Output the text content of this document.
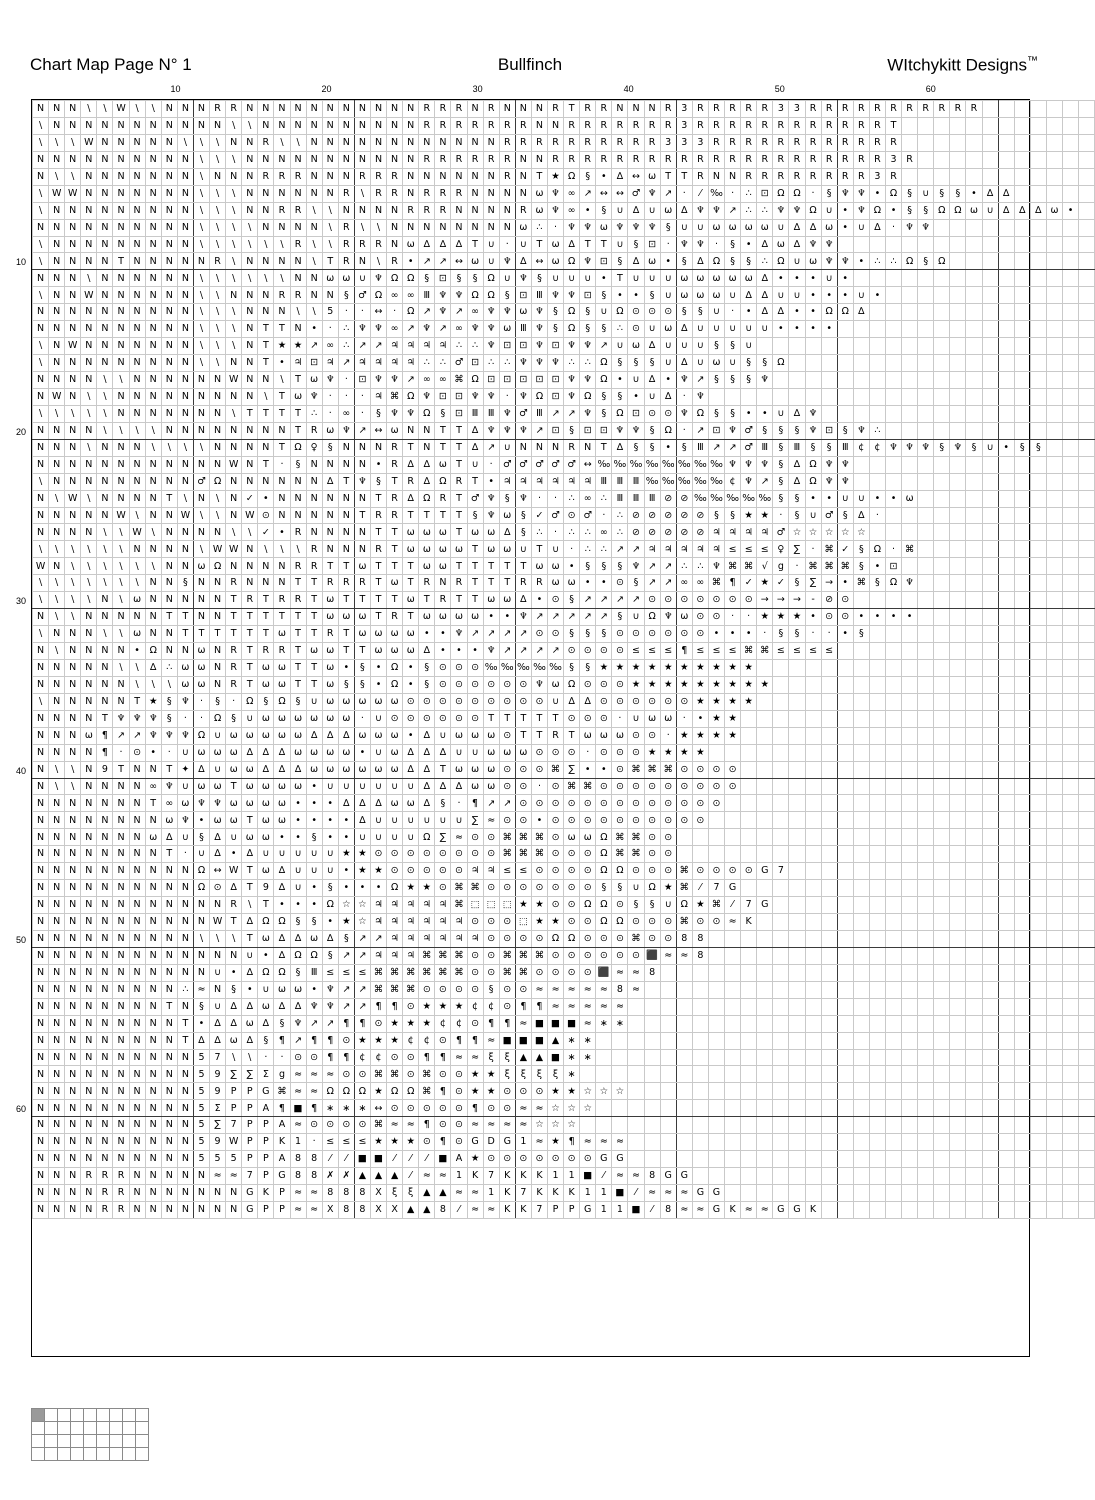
Chart Map Page N° 1	Bullfinch	WItchykitt Designs™
10	20	30	40	50	60
10
20
30
40
50
60
N	N	N	\	\	W	\	\	N	N	N	R	R	N	N	N	N	N	N	N	N	N	N	N	R	R	R	N	R	N	N	N	R	T	R	R	N	N	N	R	3	R	R	R	R	R	3	3	R	R	R	R	R	R	R	R	R	R	R							
\	N	N	N	N	N	N	N	N	N	N	N	\	\	N	N	N	N	N	N	N	N	N	N	R	R	R	R	R	R	R	N	N	R	R	R	R	R	R	R	3	R	R	R	R	R	R	R	R	R	R	R	R	T												
\	\	\	W	N	N	N	N	N	\	\	\	N	N	R	\	\	N	N	N	N	N	N	N	N	N	N	N	N	R	R	R	R	R	R	R	R	R	R	3	3	3	R	R	R	R	R	R	R	R	R	R	R	R												
N	N	N	N	N	N	N	N	N	N	\	\	\	N	N	N	N	N	N	N	N	N	N	N	R	R	R	R	R	R	N	N	R	R	R	R	R	R	R	R	R	R	R	R	R	R	R	R	R	R	R	R	R	3	R											
N	\	\	N	N	N	N	N	N	N	\	N	N	N	R	R	R	N	N	N	R	R	R	N	N	N	N	N	N	R	N	T	★	Ω	§	•	∆	↔	ω	T	T	R	N	N	R	R	R	R	R	R	R	R	3	R												
\	W	W	N	N	N	N	N	N	N	\	\	\	N	N	N	N	N	N	R	\	R	R	N	R	R	R	N	N	N	N	ω	♆	∞	↗	↔	↔	♂	♆	↗	·	⁄	‰	·	∴	⊡	Ω	Ω	·	§	♆	♆	•	Ω	§	∪	§	§	•	∆	∆					
\	N	N	N	N	N	N	N	N	N	\	\	\	N	N	R	R	\	\	N	N	N	N	R	R	R	N	N	N	N	R	ω	♆	∞	•	§	∪	∆	∪	ω	∆	♆	♆	↗	∴	∴	♆	♆	Ω	∪	•	♆	Ω	•	§	§	Ω	Ω	ω	∪	∆	∆	∆	ω	•	
N	N	N	N	N	N	N	N	N	N	\	\	\	\	N	N	N	N	\	R	\	\	N	N	N	N	N	N	N	N	ω	∴	·	♆	♆	ω	♆	♆	♆	§	∪	∪	ω	ω	ω	ω	∪	∆	∆	ω	•	∪	∆	·	♆	♆										
\	N	N	N	N	N	N	N	N	N	\	\	\	\	\	\	R	\	\	R	R	R	N	ω	∆	∆	∆	T	∪	·	∪	T	ω	∆	T	T	∪	§	⊡	·	♆	♆	·	§	•	∆	ω	∆	♆	♆																
\	N	N	N	N	T	N	N	N	N	N	R	\	N	N	N	N	\	T	R	N	\	R	•	↗	↗	↔	ω	∪	♆	∆	↔	ω	Ω	♆	⊡	§	∆	ω	•	§	∆	Ω	§	§	∴	Ω	∪	ω	♆	♆	•	∴	∴	Ω	§	Ω									
N	N	N	\	N	N	N	N	N	N	\	\	\	\	\	\	N	N	ω	ω	∪	♆	Ω	Ω	§	⊡	§	§	Ω	∪	♆	§	∪	∪	∪	•	T	∪	∪	∪	ω	ω	ω	ω	ω	∆	•	•	•	∪	•															
\	N	N	W	N	N	N	N	N	N	\	\	N	N	N	R	R	N	N	§	♂	Ω	∞	∞	Ⅲ	♆	♆	Ω	Ω	§	⊡	Ⅲ	♆	♆	⊡	§	•	•	§	∪	ω	ω	ω	∪	∆	∆	∪	∪	•	•	•	∪	•													
N	N	N	N	N	N	N	N	N	N	\	\	\	N	N	N	\	\	5	·	·	↔	·	Ω	↗	♆	↗	∞	♆	♆	ω	♆	§	Ω	§	∪	Ω	⊙	⊙	⊙	§	§	∪	·	•	∆	∆	•	•	Ω	Ω	∆														
N	N	N	N	N	N	N	N	N	N	\	\	\	N	T	T	N	•	·	∴	♆	♆	∞	↗	♆	↗	∞	♆	♆	ω	Ⅲ	♆	§	Ω	§	§	∴	⊙	∪	ω	∆	∪	∪	∪	∪	∪	•	•	•	•																
\	N	W	N	N	N	N	N	N	N	\	\	\	N	T	★	★	↗	∞	∴	↗	↗	♃	♃	♃	♃	∴	∴	♆	⊡	⊡	♆	⊡	♆	♆	↗	∪	ω	∆	∪	∪	∪	§	§	∪																					
\	N	N	N	N	N	N	N	N	N	\	\	N	N	T	•	♃	⊡	♃	↗	♃	♃	♃	♃	∴	∴	♂	⊡	∴	∴	♆	♆	♆	∴	∴	Ω	§	§	§	∪	∆	∪	ω	∪	§	§	Ω																			
N	N	N	N	\	\	N	N	N	N	N	N	W	N	N	\	T	ω	♆	·	⊡	♆	♆	↗	∞	∞	⌘	Ω	⊡	⊡	⊡	⊡	⊡	♆	♆	Ω	•	∪	∆	•	♆	↗	§	§	§	♆																				
N	W	N	\	\	N	N	N	N	N	N	N	N	N	\	T	ω	♆	·	·	·	♃	⌘	Ω	♆	⊡	⊡	♆	♆	·	♆	Ω	⊡	♆	Ω	§	§	•	∪	∆	·	♆																								
\	\	\	\	\	N	N	N	N	N	N	N	\	T	T	T	T	∴	·	∞	·	§	♆	♆	Ω	§	⊡	Ⅲ	Ⅲ	♆	♂	Ⅲ	↗	↗	♆	§	Ω	⊡	⊙	⊙	♆	Ω	§	§	•	•	∪	∆	♆																	
N	N	N	N	\	\	\	\	N	N	N	N	N	N	N	N	T	R	ω	♆	↗	↔	ω	N	N	T	T	∆	♆	♆	♆	↗	⊡	§	⊡	⊡	♆	♆	§	Ω	·	↗	⊡	♆	♂	§	§	§	♆	⊡	§	♆	∴													
N	N	N	\	N	N	N	\	\	\	\	N	N	N	N	T	Ω	♀	§	N	N	N	R	T	N	T	T	∆	↗	∪	N	N	N	R	N	T	∆	§	§	•	§	Ⅲ	↗	↗	♂	Ⅲ	§	Ⅲ	§	§	Ⅲ	¢	¢	♆	♆	♆	§	♆	§	∪	•	§	§			
N	N	N	N	N	N	N	N	N	N	N	N	W	N	T	·	§	N	N	N	N	•	R	∆	∆	ω	T	∪	·	♂	♂	♂	♂	♂	↔	‰	‰	‰	‰	‰	‰	‰	‰	♆	♆	♆	§	∆	Ω	♆	♆															
\	N	N	N	N	N	N	N	N	N	♂	Ω	N	N	N	N	N	N	∆	T	♆	§	T	R	∆	Ω	R	T	•	♃	♃	♃	♃	♃	♃	Ⅲ	Ⅲ	Ⅲ	‰	‰	‰	‰	‰	¢	♆	↗	§	∆	Ω	♆	♆															
N	\	W	\	N	N	N	N	T	\	N	\	N	✓	•	N	N	N	N	N	N	T	R	∆	Ω	R	T	♂	♆	§	♆	·	·	∴	∞	∴	Ⅲ	Ⅲ	Ⅲ	⊘	⊘	‰	‰	‰	‰	‰	§	§	•	•	∪	∪	•	•	ω											
N	N	N	N	N	W	\	N	N	W	\	\	N	W	⊙	N	N	N	N	N	T	R	R	T	T	T	T	§	♆	ω	§	✓	♂	⊙	♂	·	∴	⊘	⊘	⊘	⊘	⊘	§	§	★	★	·	§	∪	♂	§	∆	·													
N	N	N	N	\	\	W	\	N	N	N	N	\	\	✓	•	R	N	N	N	N	T	T	ω	ω	ω	T	ω	ω	∆	§	∴	·	∴	∴	∞	∴	⊘	⊘	⊘	⊘	⊘	♃	♃	♃	♃	♂	☆	☆	☆	☆	☆														
\	\	\	\	\	\	N	N	N	N	\	W	W	N	\	\	\	R	N	N	N	R	T	ω	ω	ω	ω	T	ω	ω	∪	T	∪	·	∴	∴	↗	↗	♃	♃	♃	♃	♃	≤	≤	≤	♀	∑	·	⌘	✓	§	Ω	·	⌘											
W	N	\	\	\	\	\	\	N	N	ω	Ω	N	N	N	N	R	R	T	T	ω	T	T	T	ω	ω	T	T	T	T	T	ω	ω	•	§	§	§	♆	↗	↗	∴	∴	♆	⌘	⌘	√	g	·	⌘	⌘	⌘	§	•	⊡												
\	\	\	\	\	\	\	N	N	§	N	N	R	N	N	N	T	T	R	R	R	T	ω	T	R	N	R	T	T	T	R	R	ω	ω	•	•	⊙	§	↗	↗	∞	∞	⌘	¶	✓	★	✓	§	∑	→	•	⌘	§	Ω	♆											
\	\	\	\	N	\	ω	N	N	N	N	N	T	R	T	R	R	T	ω	T	T	T	T	ω	T	R	T	T	ω	ω	∆	•	⊙	§	↗	↗	↗	↗	⊙	⊙	⊙	⊙	⊙	⊙	⊙	→	→	→	‑	⊘	⊙															
N	\	\	N	N	N	N	N	T	T	N	N	T	T	T	T	T	T	ω	ω	ω	T	R	T	ω	ω	ω	ω	•	•	♆	↗	↗	↗	↗	↗	§	∪	Ω	♆	ω	⊙	⊙	·	·	★	★	★	•	⊙	⊙	•	•	•	•											
\	N	N	N	\	\	ω	N	N	T	T	T	T	T	T	ω	T	T	R	T	ω	ω	ω	ω	•	•	♆	↗	↗	↗	↗	⊙	⊙	§	§	§	⊙	⊙	⊙	⊙	⊙	⊙	•	•	•	·	§	§	·	·	•	§														
N	\	N	N	N	N	•	Ω	N	N	ω	N	R	T	R	R	T	ω	ω	T	T	ω	ω	ω	∆	•	•	•	♆	↗	↗	↗	↗	⊙	⊙	⊙	⊙	≤	≤	≤	¶	≤	≤	≤	⌘	⌘	≤	≤	≤	≤																
N	N	N	N	N	\	\	∆	∴	ω	ω	N	R	T	ω	ω	T	T	ω	•	§	•	Ω	•	§	⊙	⊙	⊙	‰	‰	‰	‰	‰	§	§	★	★	★	★	★	★	★	★	★	★																					
N	N	N	N	N	N	\	\	\	ω	ω	N	R	T	ω	ω	T	T	ω	§	§	•	Ω	•	§	⊙	⊙	⊙	⊙	⊙	⊙	♆	ω	Ω	⊙	⊙	⊙	★	★	★	★	★	★	★	★	★																				
\	N	N	N	N	N	T	★	§	♆	·	§	·	Ω	§	Ω	§	∪	ω	ω	ω	ω	ω	⊙	⊙	⊙	⊙	⊙	⊙	⊙	⊙	⊙	∪	∆	∆	⊙	⊙	⊙	⊙	⊙	⊙	★	★	★	★																					
N	N	N	N	T	♆	♆	♆	§	·	·	Ω	§	∪	ω	ω	ω	ω	ω	ω	·	∪	⊙	⊙	⊙	⊙	⊙	⊙	T	T	T	T	T	⊙	⊙	⊙	·	∪	ω	ω	·	•	★	★																						
N	N	N	ω	¶	↗	↗	♆	♆	♆	Ω	∪	ω	ω	ω	ω	ω	∆	∆	∆	ω	ω	ω	•	∆	∪	ω	ω	ω	⊙	T	T	R	T	ω	ω	ω	⊙	⊙	·	★	★	★	★																						
N	N	N	N	¶	·	⊙	•	·	∪	ω	ω	ω	∆	∆	∆	ω	ω	ω	ω	•	∪	ω	∆	∆	∆	∪	∪	ω	ω	ω	⊙	⊙	⊙	·	⊙	⊙	⊙	★	★	★	★																								
N	\	\	N	9	T	N	N	T	✦	∆	∪	ω	ω	∆	∆	∆	ω	ω	ω	ω	ω	ω	∆	∆	T	ω	ω	ω	⊙	⊙	⊙	⌘	∑	•	•	⊙	⌘	⌘	⌘	⊙	⊙	⊙	⊙																						
N	\	\	N	N	N	N	∞	♆	∪	ω	ω	T	ω	ω	ω	ω	•	∪	∪	∪	∪	∪	∪	∆	∆	∆	ω	ω	⊙	⊙	·	⊙	⌘	⌘	⊙	⊙	⊙	⊙	⊙	⊙	⊙	⊙	⊙																						
N	N	N	N	N	N	N	T	∞	ω	♆	♆	ω	ω	ω	ω	•	•	•	∆	∆	∆	ω	ω	∆	§	·	¶	↗	↗	⊙	⊙	⊙	⊙	⊙	⊙	⊙	⊙	⊙	⊙	⊙	⊙	⊙																							
N	N	N	N	N	N	N	N	ω	♆	•	ω	ω	T	ω	ω	•	•	•	•	∆	∪	∪	∪	∪	∪	∪	∑	≈	⊙	⊙	•	⊙	⊙	⊙	⊙	⊙	⊙	⊙	⊙	⊙	⊙																								
N	N	N	N	N	N	N	ω	∆	∪	§	∆	∪	ω	ω	•	•	§	•	•	∪	∪	∪	∪	Ω	∑	≈	⊙	⊙	⌘	⌘	⌘	⊙	ω	ω	Ω	⌘	⌘	⊙	⊙																										
N	N	N	N	N	N	N	N	T	·	∪	∆	•	∆	∪	∪	∪	∪	∪	★	★	⊙	⊙	⊙	⊙	⊙	⊙	⊙	⊙	⌘	⌘	⌘	⊙	⊙	⊙	Ω	⌘	⌘	⊙	⊙																										
N	N	N	N	N	N	N	N	N	N	Ω	↔	W	T	ω	∆	∪	∪	∪	•	★	★	⊙	⊙	⊙	⊙	⊙	♃	♃	≤	≤	⊙	⊙	⊙	⊙	Ω	Ω	⊙	⊙	⊙	⌘	⊙	⊙	⊙	⊙	G	7																			
N	N	N	N	N	N	N	N	N	N	Ω	⊙	∆	T	9	∆	∪	•	§	•	•	•	Ω	★	★	⊙	⌘	⌘	⊙	⊙	⊙	⊙	⊙	⊙	⊙	§	§	∪	Ω	★	⌘	⁄	7	G																						
N	N	N	N	N	N	N	N	N	N	N	N	R	\	T	•	•	•	Ω	☆	☆	♃	♃	♃	♃	♃	⌘	⬚	⬚	⬚	★	★	⊙	⊙	Ω	Ω	⊙	§	§	∪	Ω	★	⌘	⁄	7	G																				
N	N	N	N	N	N	N	N	N	N	N	W	T	∆	Ω	Ω	§	§	•	★	☆	♃	♃	♃	♃	♃	♃	⊙	⊙	⊙	⬚	★	★	⊙	⊙	Ω	Ω	⊙	⊙	⊙	⌘	⊙	⊙	≈	K																					
N	N	N	N	N	N	N	N	N	N	\	\	\	T	ω	∆	∆	ω	∆	§	↗	↗	♃	♃	♃	♃	♃	♃	⊙	⊙	⊙	⊙	Ω	Ω	⊙	⊙	⊙	⌘	⊙	⊙	8	8																								
N	N	N	N	N	N	N	N	N	N	N	N	N	∪	•	∆	Ω	Ω	§	↗	↗	♃	♃	♃	⌘	⌘	⌘	⊙	⊙	⌘	⌘	⌘	⊙	⊙	⊙	⊙	⊙	⊙	⬛	≈	≈	8																								
N	N	N	N	N	N	N	N	N	N	N	∪	•	∆	Ω	Ω	§	Ⅲ	≤	≤	≤	⌘	⌘	⌘	⌘	⌘	⌘	⊙	⊙	⌘	⌘	⊙	⊙	⊙	⊙	⬛	≈	≈	8																											
N	N	N	N	N	N	N	N	N	∴	≈	N	§	•	∪	ω	ω	•	♆	↗	↗	⌘	⌘	⌘	⊙	⊙	⊙	⊙	§	⊙	⊙	≈	≈	≈	≈	≈	8	≈																												
N	N	N	N	N	N	N	N	T	N	§	∪	∆	∆	ω	∆	∆	♆	♆	↗	↗	¶	¶	⊙	★	★	★	¢	¢	⊙	¶	¶	≈	≈	≈	≈	≈																													
N	N	N	N	N	N	N	N	N	T	•	∆	∆	ω	∆	§	♆	↗	↗	¶	¶	⊙	★	★	★	¢	¢	⊙	¶	¶	≈	■	■	■	≈	∗	∗																													
N	N	N	N	N	N	N	N	N	T	∆	∆	ω	∆	§	¶	↗	¶	¶	⊙	★	★	★	¢	¢	⊙	¶	¶	≈	■	■	■	▲	∗	∗																															
N	N	N	N	N	N	N	N	N	N	5	7	\	\	·	·	⊙	⊙	¶	¶	¢	¢	⊙	⊙	¶	¶	≈	≈	ξ	ξ	▲	▲	■	∗	∗																															
N	N	N	N	N	N	N	N	N	N	5	9	∑	∑	Σ	g	≈	≈	≈	⊙	⊙	⌘	⌘	⊙	⌘	⊙	⊙	★	★	ξ	ξ	ξ	ξ	∗																																
N	N	N	N	N	N	N	N	N	N	5	9	P	P	G	⌘	≈	≈	Ω	Ω	Ω	★	Ω	Ω	⌘	¶	⊙	★	★	⊙	⊙	⊙	★	★	☆	☆	☆																													
N	N	N	N	N	N	N	N	N	N	5	Σ	P	P	A	¶	■	¶	∗	∗	∗	↔	⊙	⊙	⊙	⊙	⊙	¶	⊙	⊙	≈	≈	☆	☆	☆																															
N	N	N	N	N	N	N	N	N	N	5	∑	7	P	P	A	≈	⊙	⊙	⊙	⊙	⌘	≈	≈	¶	⊙	⊙	≈	≈	≈	≈	☆	☆	☆																																
N	N	N	N	N	N	N	N	N	N	5	9	W	P	P	K	1	·	≤	≤	≤	★	★	★	⊙	¶	⊙	G	D	G	1	≈	★	¶	≈	≈	≈																													
N	N	N	N	N	N	N	N	N	N	5	5	5	P	P	A	8	8	⁄	⁄	■	■	⁄	⁄	⁄	■	A	★	⊙	⊙	⊙	⊙	⊙	⊙	⊙	G	G																													
N	N	N	R	R	R	N	N	N	N	N	≈	≈	7	P	G	8	8	✗	✗	▲	▲	▲	⁄	≈	≈	1	K	7	K	K	K	1	1	■	⁄	≈	≈	8	G	G																									
N	N	N	N	R	R	N	N	N	N	N	N	N	G	K	P	≈	≈	8	8	8	Χ	ξ	ξ	▲	▲	≈	≈	1	K	7	K	K	K	1	1	■	⁄	≈	≈	≈	G	G																							
N	N	N	N	R	R	N	N	N	N	N	N	N	G	P	P	≈	≈	Χ	8	8	Χ	Χ	▲	▲	8	⁄	≈	≈	K	K	7	P	P	G	1	1	■	⁄	8	≈	≈	G	K	≈	≈	G	G	K																	
